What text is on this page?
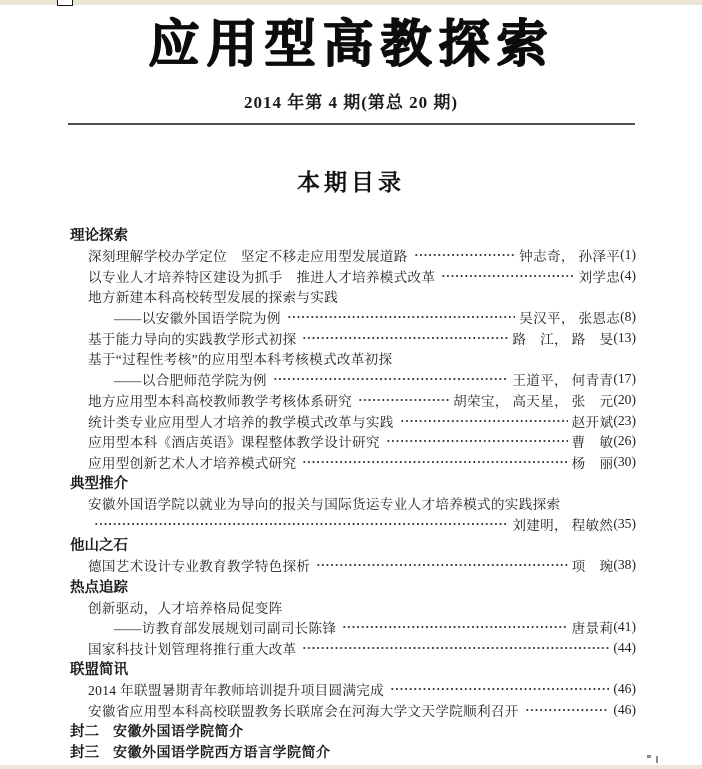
应用型高教探索
2014 年第 4 期(第总 20 期)
本期目录
理论探索
深刻理解学校办学定位　坚定不移走应用型发展道路	钟志奇， 孙泽平 (1)
以专业人才培养特区建设为抓手　推进人才培养模式改革	刘学忠 (4)
地方新建本科高校转型发展的探索与实践
——以安徽外国语学院为例	吴汉平， 张恩志 (8)
基于能力导向的实践教学形式初探	路　江， 路　旻 (13)
基于“过程性考核”的应用型本科考核模式改革初探
——以合肥师范学院为例	王道平， 何青青 (17)
地方应用型本科高校教师教学考核体系研究	胡荣宝， 高天星， 张　元 (20)
统计类专业应用型人才培养的教学模式改革与实践	赵开斌 (23)
应用型本科《酒店英语》课程整体教学设计研究	曹　敏 (26)
应用型创新艺术人才培养模式研究	杨　丽 (30)
典型推介
安徽外国语学院以就业为导向的报关与国际货运专业人才培养模式的实践探索
刘建明， 程敏然 (35)
他山之石
德国艺术设计专业教育教学特色探析	项　琬 (38)
热点追踪
创新驱动，人才培养格局促变阵
——访教育部发展规划司副司长陈锋	唐景莉 (41)
国家科技计划管理将推行重大改革	(44)
联盟简讯
2014 年联盟暑期青年教师培训提升项目圆满完成	(46)
安徽省应用型本科高校联盟教务长联席会在河海大学文天学院顺利召开	(46)
封二 安徽外国语学院简介
封三 安徽外国语学院西方语言学院简介
